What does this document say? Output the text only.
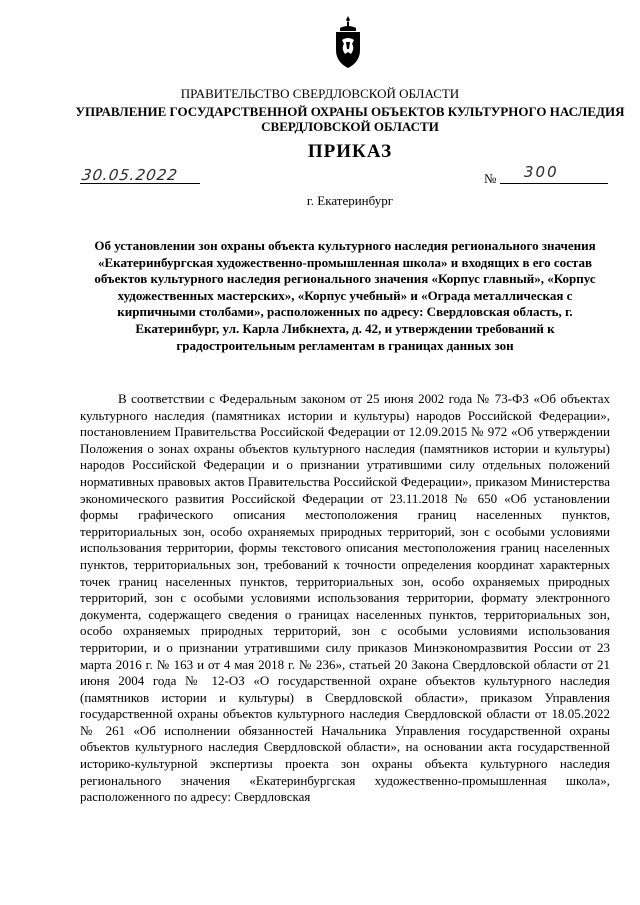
ПРАВИТЕЛЬСТВО СВЕРДЛОВСКОЙ ОБЛАСТИ
УПРАВЛЕНИЕ ГОСУДАРСТВЕННОЙ ОХРАНЫ ОБЪЕКТОВ КУЛЬТУРНОГО НАСЛЕДИЯ СВЕРДЛОВСКОЙ ОБЛАСТИ
ПРИКАЗ
30.05.2022	№ 300
г. Екатеринбург
Об установлении зон охраны объекта культурного наследия регионального значения «Екатеринбургская художественно-промышленная школа» и входящих в его состав объектов культурного наследия регионального значения «Корпус главный», «Корпус художественных мастерских», «Корпус учебный» и «Ограда металлическая с кирпичными столбами», расположенных по адресу: Свердловская область, г. Екатеринбург, ул. Карла Либкнехта, д. 42, и утверждении требований к градостроительным регламентам в границах данных зон

В соответствии с Федеральным законом от 25 июня 2002 года № 73-ФЗ «Об объектах культурного наследия (памятниках истории и культуры) народов Российской Федерации», постановлением Правительства Российской Федерации от 12.09.2015 № 972 «Об утверждении Положения о зонах охраны объектов культурного наследия (памятников истории и культуры) народов Российской Федерации и о признании утратившими силу отдельных положений нормативных правовых актов Правительства Российской Федерации», приказом Министерства экономического развития Российской Федерации от 23.11.2018 № 650 «Об установлении формы графического описания местоположения границ населенных пунктов, территориальных зон, особо охраняемых природных территорий, зон с особыми условиями использования территории, формы текстового описания местоположения границ населенных пунктов, территориальных зон, требований к точности определения координат характерных точек границ населенных пунктов, территориальных зон, особо охраняемых природных территорий, зон с особыми условиями использования территории, формату электронного документа, содержащего сведения о границах населенных пунктов, территориальных зон, особо охраняемых природных территорий, зон с особыми условиями использования территории, и о признании утратившими силу приказов Минэкономразвития России от 23 марта 2016 г. № 163 и от 4 мая 2018 г. № 236», статьей 20 Закона Свердловской области от 21 июня 2004 года № 12-ОЗ «О государственной охране объектов культурного наследия (памятников истории и культуры) в Свердловской области», приказом Управления государственной охраны объектов культурного наследия Свердловской области от 18.05.2022 № 261 «Об исполнении обязанностей Начальника Управления государственной охраны объектов культурного наследия Свердловской области», на основании акта государственной историко-культурной экспертизы проекта зон охраны объекта культурного наследия регионального значения «Екатеринбургская художественно-промышленная школа», расположенного по адресу: Свердловская
